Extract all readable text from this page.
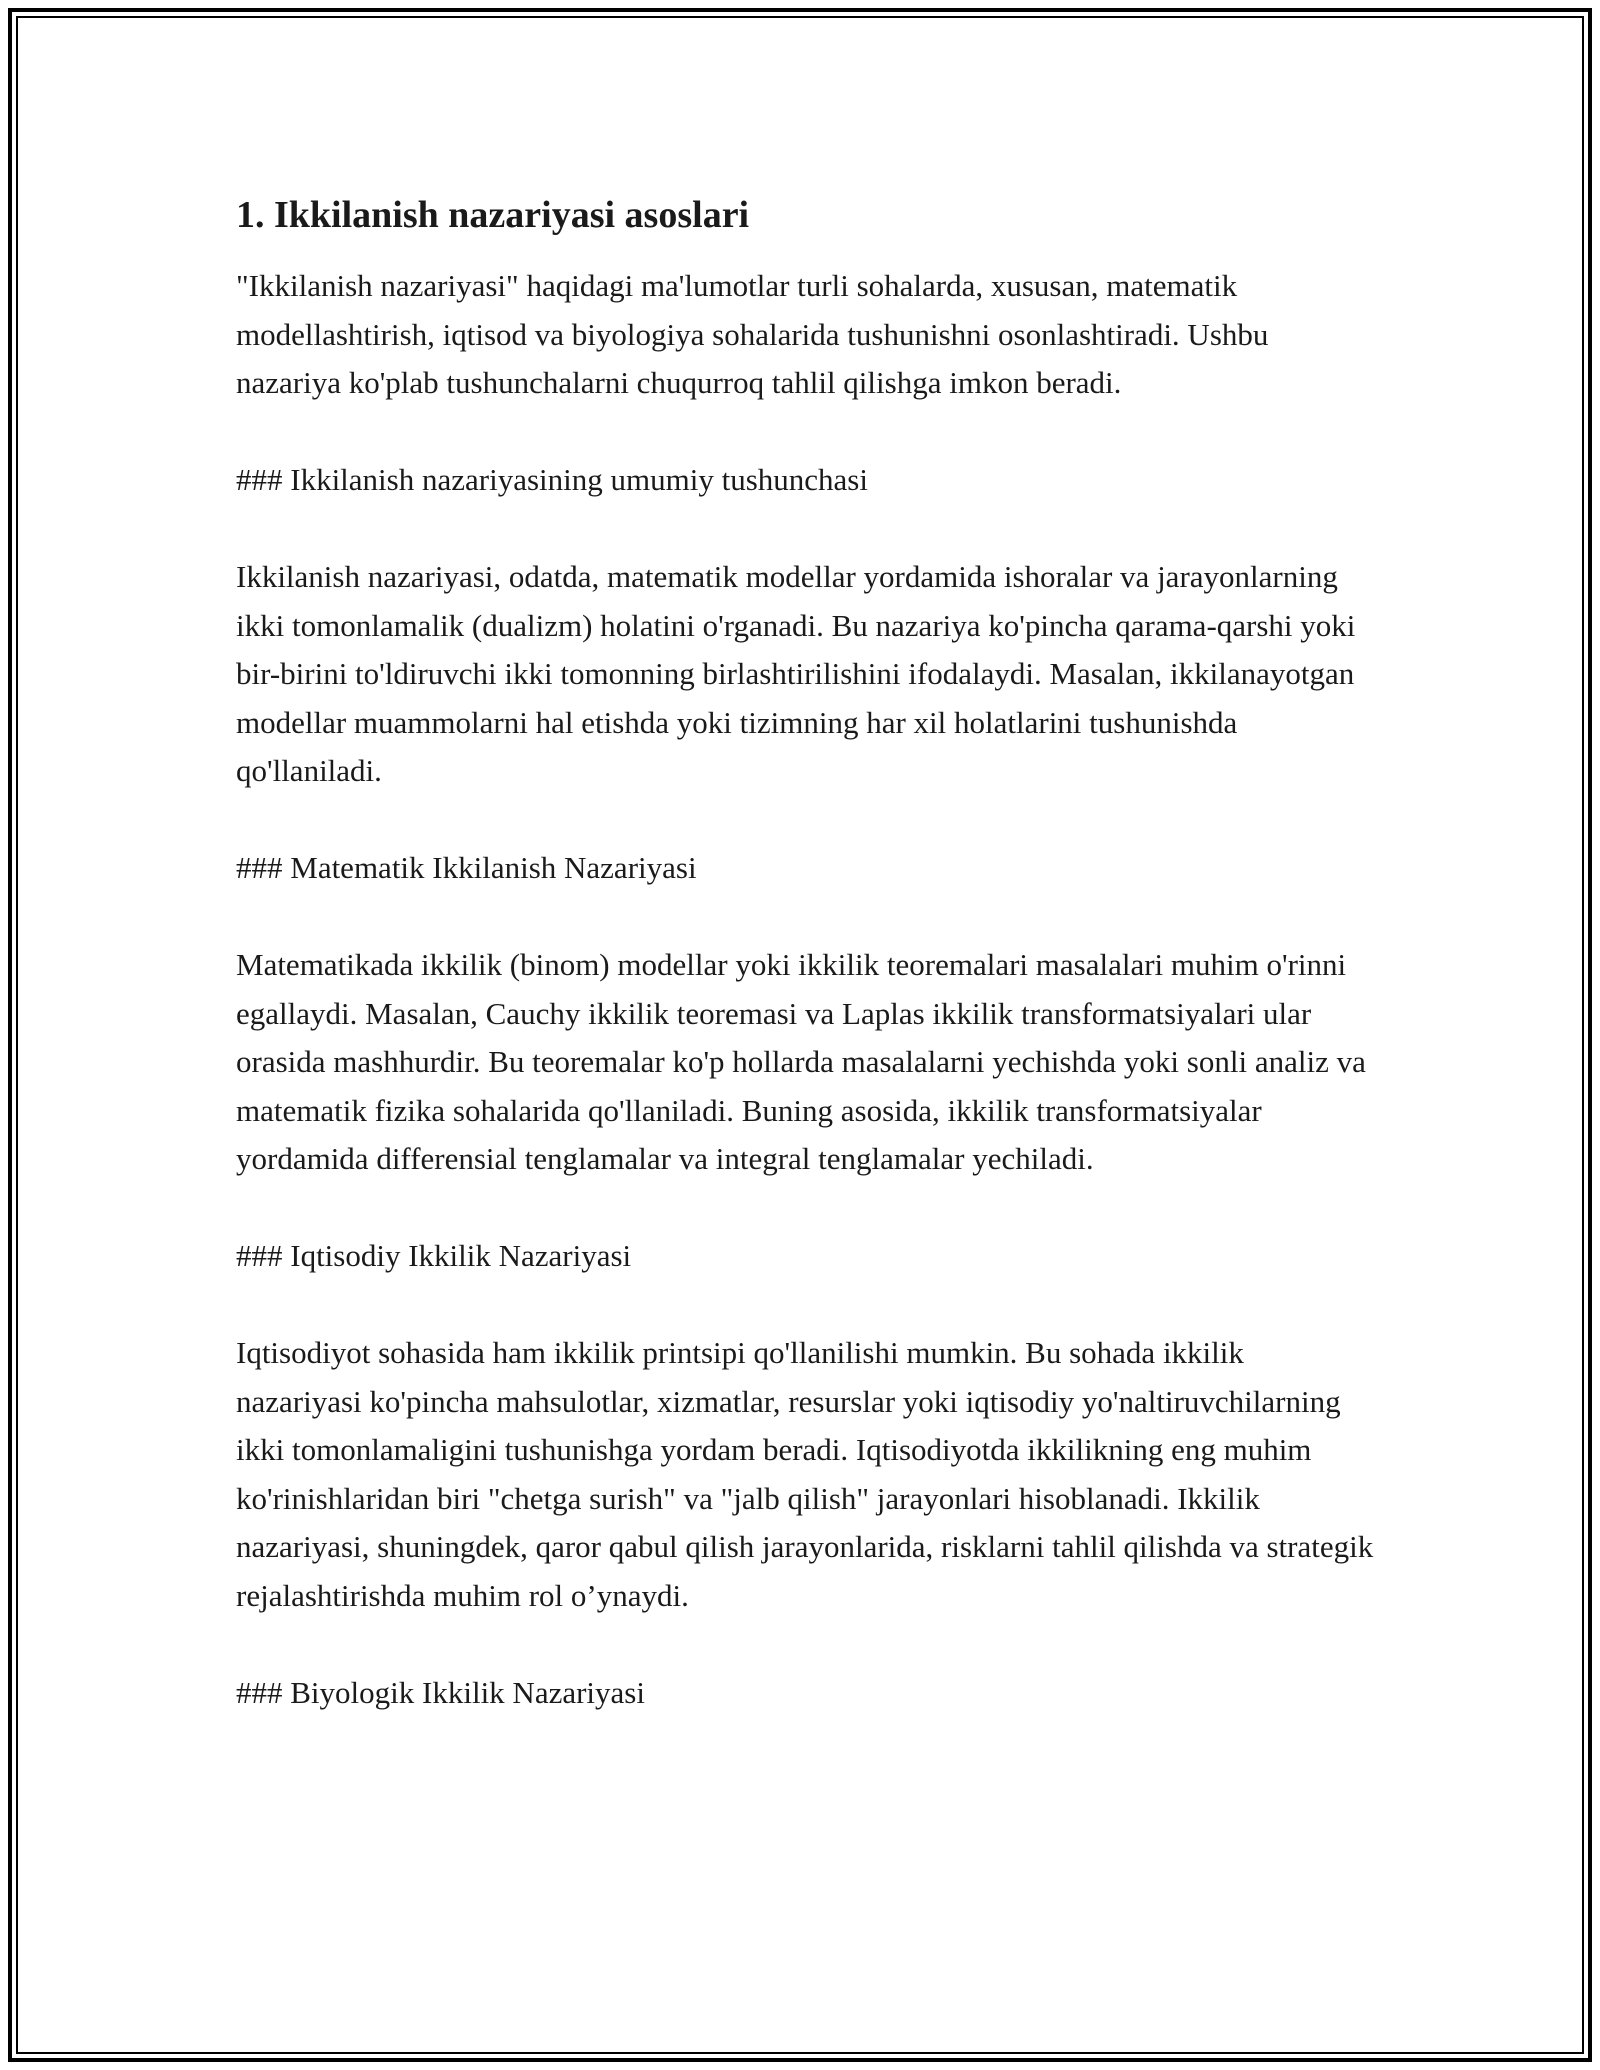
1. Ikkilanish nazariyasi asoslari

"Ikkilanish nazariyasi" haqidagi ma'lumotlar turli sohalarda, xususan, matematik modellashtirish, iqtisod va biyologiya sohalarida tushunishni osonlashtiradi. Ushbu nazariya ko'plab tushunchalarni chuqurroq tahlil qilishga imkon beradi.

### Ikkilanish nazariyasining umumiy tushunchasi

Ikkilanish nazariyasi, odatda, matematik modellar yordamida ishoralar va jarayonlarning ikki tomonlamalik (dualizm) holatini o'rganadi. Bu nazariya ko'pincha qarama-qarshi yoki bir-birini to'ldiruvchi ikki tomonning birlashtirilishini ifodalaydi. Masalan, ikkilanayotgan modellar muammolarni hal etishda yoki tizimning har xil holatlarini tushunishda qo'llaniladi.

### Matematik Ikkilanish Nazariyasi

Matematikada ikkilik (binom) modellar yoki ikkilik teoremalari masalalari muhim o'rinni egallaydi. Masalan, Cauchy ikkilik teoremasi va Laplas ikkilik transformatsiyalari ular orasida mashhurdir. Bu teoremalar ko'p hollarda masalalarni yechishda yoki sonli analiz va matematik fizika sohalarida qo'llaniladi. Buning asosida, ikkilik transformatsiyalar yordamida differensial tenglamalar va integral tenglamalar yechiladi.

### Iqtisodiy Ikkilik Nazariyasi

Iqtisodiyot sohasida ham ikkilik printsipi qo'llanilishi mumkin. Bu sohada ikkilik nazariyasi ko'pincha mahsulotlar, xizmatlar, resurslar yoki iqtisodiy yo'naltiruvchilarning ikki tomonlamaligini tushunishga yordam beradi. Iqtisodiyotda ikkilikning eng muhim ko'rinishlaridan biri "chetga surish" va "jalb qilish" jarayonlari hisoblanadi. Ikkilik nazariyasi, shuningdek, qaror qabul qilish jarayonlarida, risklarni tahlil qilishda va strategik rejalashtirishda muhim rol o’ynaydi.

### Biyologik Ikkilik Nazariyasi
